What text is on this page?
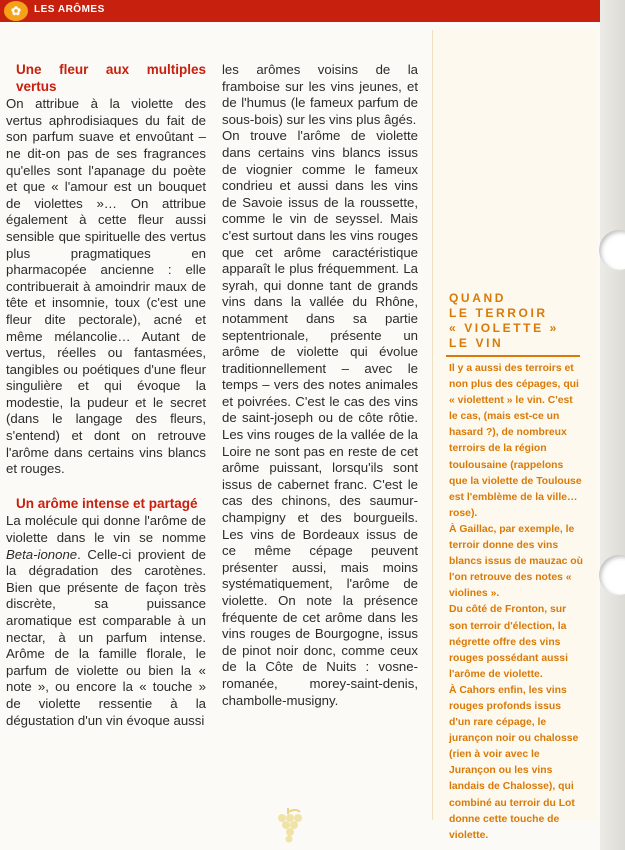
✿	LES ARÔMES
Une fleur aux multiples vertus

On attribue à la violette des vertus aphrodisiaques du fait de son parfum suave et envoûtant – ne dit-on pas de ses fragrances qu'elles sont l'apanage du poète et que « l'amour est un bouquet de violettes »… On attribue également à cette fleur aussi sensible que spirituelle des vertus plus pragmatiques en pharmacopée ancienne : elle contribuerait à amoindrir maux de tête et insomnie, toux (c'est une fleur dite pectorale), acné et même mélancolie… Autant de vertus, réelles ou fantasmées, tangibles ou poétiques d'une fleur singulière et qui évoque la modestie, la pudeur et le secret (dans le langage des fleurs, s'entend) et dont on retrouve l'arôme dans certains vins blancs et rouges.

Un arôme intense et partagé

La molécule qui donne l'arôme de violette dans le vin se nomme Beta-ionone. Celle-ci provient de la dégradation des carotènes. Bien que présente de façon très discrète, sa puissance aromatique est comparable à un nectar, à un parfum intense. Arôme de la famille florale, le parfum de violette ou bien la « note », ou encore la « touche » de violette ressentie à la dégustation d'un vin évoque aussi

les arômes voisins de la framboise sur les vins jeunes, et de l'humus (le fameux parfum de sous-bois) sur les vins plus âgés.

On trouve l'arôme de violette dans certains vins blancs issus de viognier comme le fameux condrieu et aussi dans les vins de Savoie issus de la roussette, comme le vin de seyssel. Mais c'est surtout dans les vins rouges que cet arôme caractéristique apparaît le plus fréquemment. La syrah, qui donne tant de grands vins dans la vallée du Rhône, notamment dans sa partie septentrionale, présente un arôme de violette qui évolue traditionnellement – avec le temps – vers des notes animales et poivrées. C'est le cas des vins de saint-joseph ou de côte rôtie. Les vins rouges de la vallée de la Loire ne sont pas en reste de cet arôme puissant, lorsqu'ils sont issus de cabernet franc. C'est le cas des chinons, des saumur-champigny et des bourgueils. Les vins de Bordeaux issus de ce même cépage peuvent présenter aussi, mais moins systématiquement, l'arôme de violette. On note la présence fréquente de cet arôme dans les vins rouges de Bourgogne, issus de pinot noir donc, comme ceux de la Côte de Nuits : vosne-romanée, morey-saint-denis, chambolle-musigny.

QUAND
LE TERROIR
« VIOLETTE »
LE VIN

Il y a aussi des terroirs et non plus des cépages, qui « violettent » le vin. C'est le cas, (mais est-ce un hasard ?), de nombreux terroirs de la région toulousaine (rappelons que la violette de Toulouse est l'emblème de la ville… rose).

À Gaillac, par exemple, le terroir donne des vins blancs issus de mauzac où l'on retrouve des notes « violines ».

Du côté de Fronton, sur son terroir d'élection, la négrette offre des vins rouges possédant aussi l'arôme de violette.

À Cahors enfin, les vins rouges profonds issus d'un rare cépage, le jurançon noir ou chalosse (rien à voir avec le Jurançon ou les vins landais de Chalosse), qui combiné au terroir du Lot donne cette touche de violette.
